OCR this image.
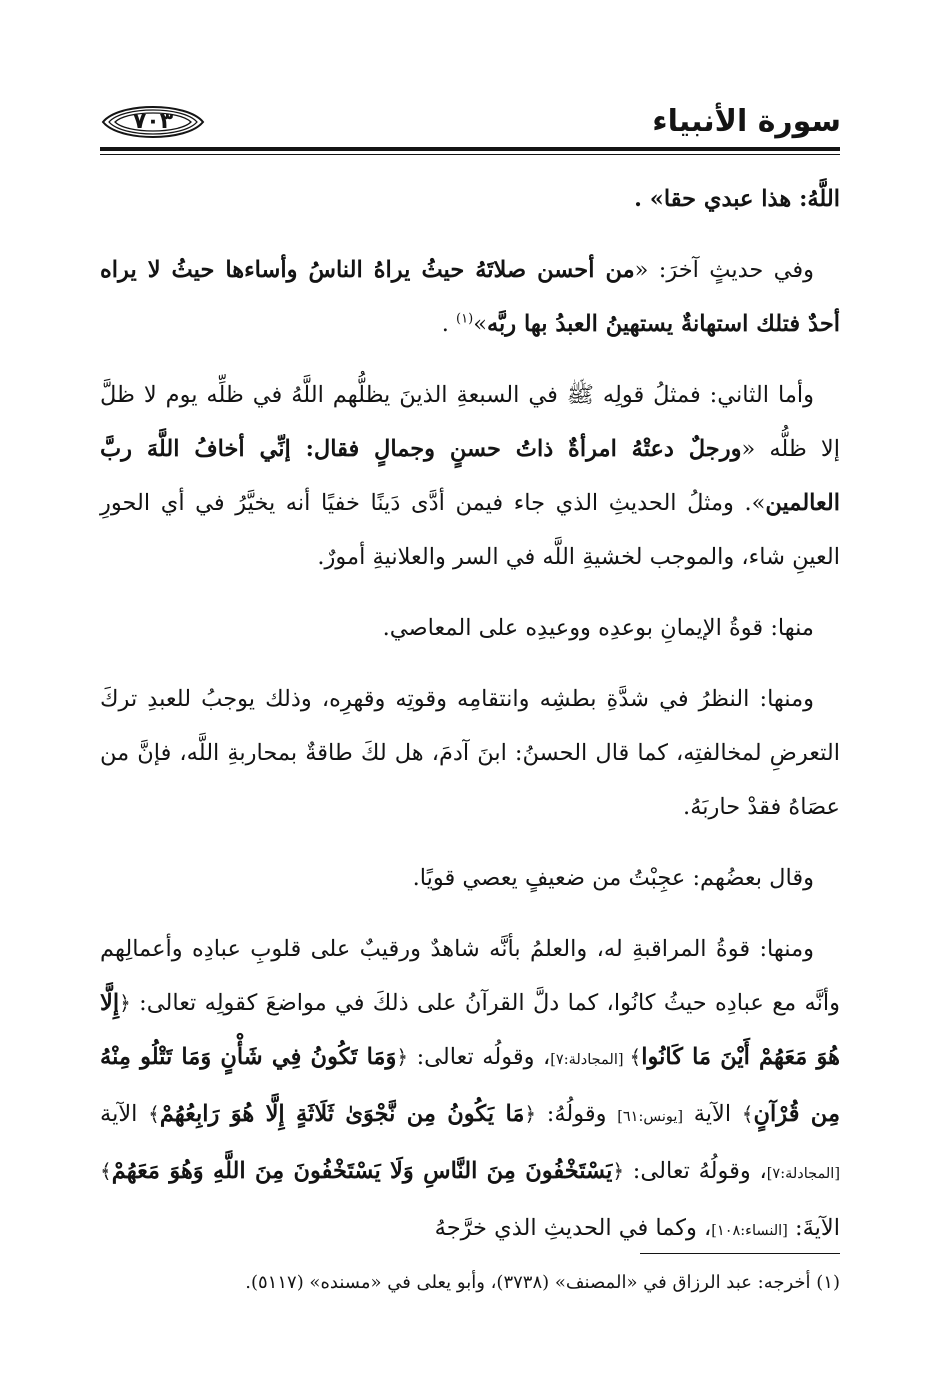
سورة الأنبياء
٧٠٣

اللَّهُ: هذا عبدي حقا» .

وفي حديثٍ آخرَ: «من أحسن صلاتَهُ حيثُ يراهُ الناسُ وأساءها حيثُ لا يراه أحدٌ فتلك استهانةٌ يستهينُ العبدُ بها ربَّه»$^{(١)}$ .

وأما الثاني: فمثلُ قولِه ﷺ في السبعةِ الذينَ يظلُّهم اللَّهُ في ظلِّه يوم لا ظلَّ إلا ظلُّه «ورجلٌ دعتْهُ امرأةٌ ذاتُ حسنٍ وجمالٍ فقال: إنِّي أخافُ اللَّهَ ربَّ العالمين». ومثلُ الحديثِ الذي جاء فيمن أدَّى دَينًا خفيًا أنه يخيَّرُ في أي الحورِ العينِ شاء، والموجب لخشيةِ اللَّه في السر والعلانيةِ أمورٌ.

منها: قوةُ الإيمانِ بوعدِه ووعيدِه على المعاصي.

ومنها: النظرُ في شدَّةِ بطشِه وانتقامِه وقوتِه وقهرِه، وذلك يوجبُ للعبدِ تركَ التعرضِ لمخالفتِه، كما قال الحسنُ: ابنَ آدمَ، هل لكَ طاقةٌ بمحاربةِ اللَّه، فإنَّ من عصَاهُ فقدْ حاربَهُ.

وقال بعضُهم: عجِبْتُ من ضعيفٍ يعصي قويًا.

ومنها: قوةُ المراقبةِ له، والعلمُ بأنَّه شاهدٌ ورقيبٌ على قلوبِ عبادِه وأعمالِهم وأنَّه مع عبادِه حيثُ كانُوا، كما دلَّ القرآنُ على ذلكَ في مواضعَ كقولِه تعالى: ﴿إِلَّا هُوَ مَعَهُمْ أَيْنَ مَا كَانُوا﴾ [المجادلة:٧]، وقولُه تعالى: ﴿وَمَا تَكُونُ فِي شَأْنٍ وَمَا تَتْلُو مِنْهُ مِن قُرْآنٍ﴾ الآية [يونس:٦١] وقولُهُ: ﴿مَا يَكُونُ مِن نَّجْوَىٰ ثَلَاثَةٍ إِلَّا هُوَ رَابِعُهُمْ﴾ الآية [المجادلة:٧]، وقولُهُ تعالى: ﴿يَسْتَخْفُونَ مِنَ النَّاسِ وَلَا يَسْتَخْفُونَ مِنَ اللَّهِ وَهُوَ مَعَهُمْ﴾ الآيةَ: [النساء:١٠٨]، وكما في الحديثِ الذي خرَّجهُ

(١) أخرجه: عبد الرزاق في «المصنف» (٣٧٣٨)، وأبو يعلى في «مسنده» (٥١١٧).
